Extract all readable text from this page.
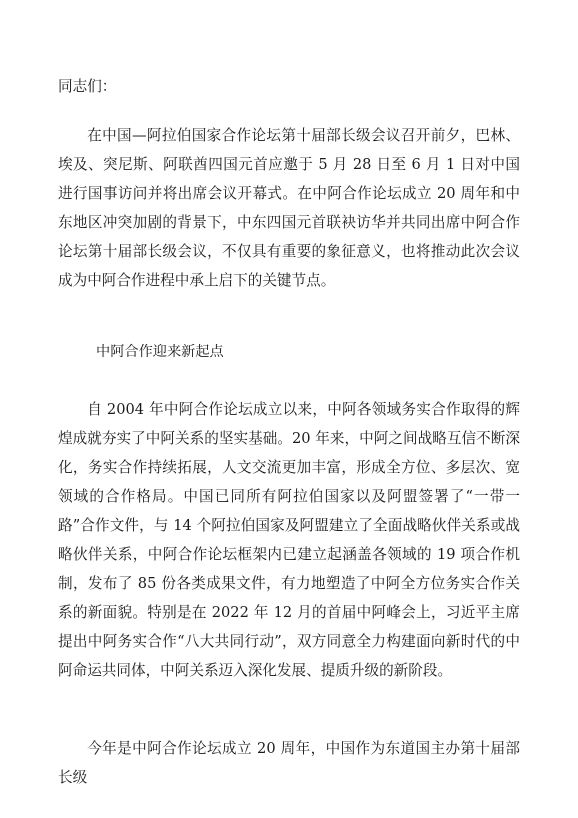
同志们：

在中国—阿拉伯国家合作论坛第十届部长级会议召开前夕，巴林、埃及、突尼斯、阿联酋四国元首应邀于 5 月 28 日至 6 月 1 日对中国进行国事访问并将出席会议开幕式。在中阿合作论坛成立 20 周年和中东地区冲突加剧的背景下，中东四国元首联袂访华并共同出席中阿合作论坛第十届部长级会议，不仅具有重要的象征意义，也将推动此次会议成为中阿合作进程中承上启下的关键节点。

中阿合作迎来新起点

自 2004 年中阿合作论坛成立以来，中阿各领域务实合作取得的辉煌成就夯实了中阿关系的坚实基础。20 年来，中阿之间战略互信不断深化，务实合作持续拓展，人文交流更加丰富，形成全方位、多层次、宽领域的合作格局。中国已同所有阿拉伯国家以及阿盟签署了“一带一路”合作文件，与 14 个阿拉伯国家及阿盟建立了全面战略伙伴关系或战略伙伴关系，中阿合作论坛框架内已建立起涵盖各领域的 19 项合作机制，发布了 85 份各类成果文件，有力地塑造了中阿全方位务实合作关系的新面貌。特别是在 2022 年 12 月的首届中阿峰会上，习近平主席提出中阿务实合作“八大共同行动”，双方同意全力构建面向新时代的中阿命运共同体，中阿关系迈入深化发展、提质升级的新阶段。

今年是中阿合作论坛成立 20 周年，中国作为东道国主办第十届部长级
